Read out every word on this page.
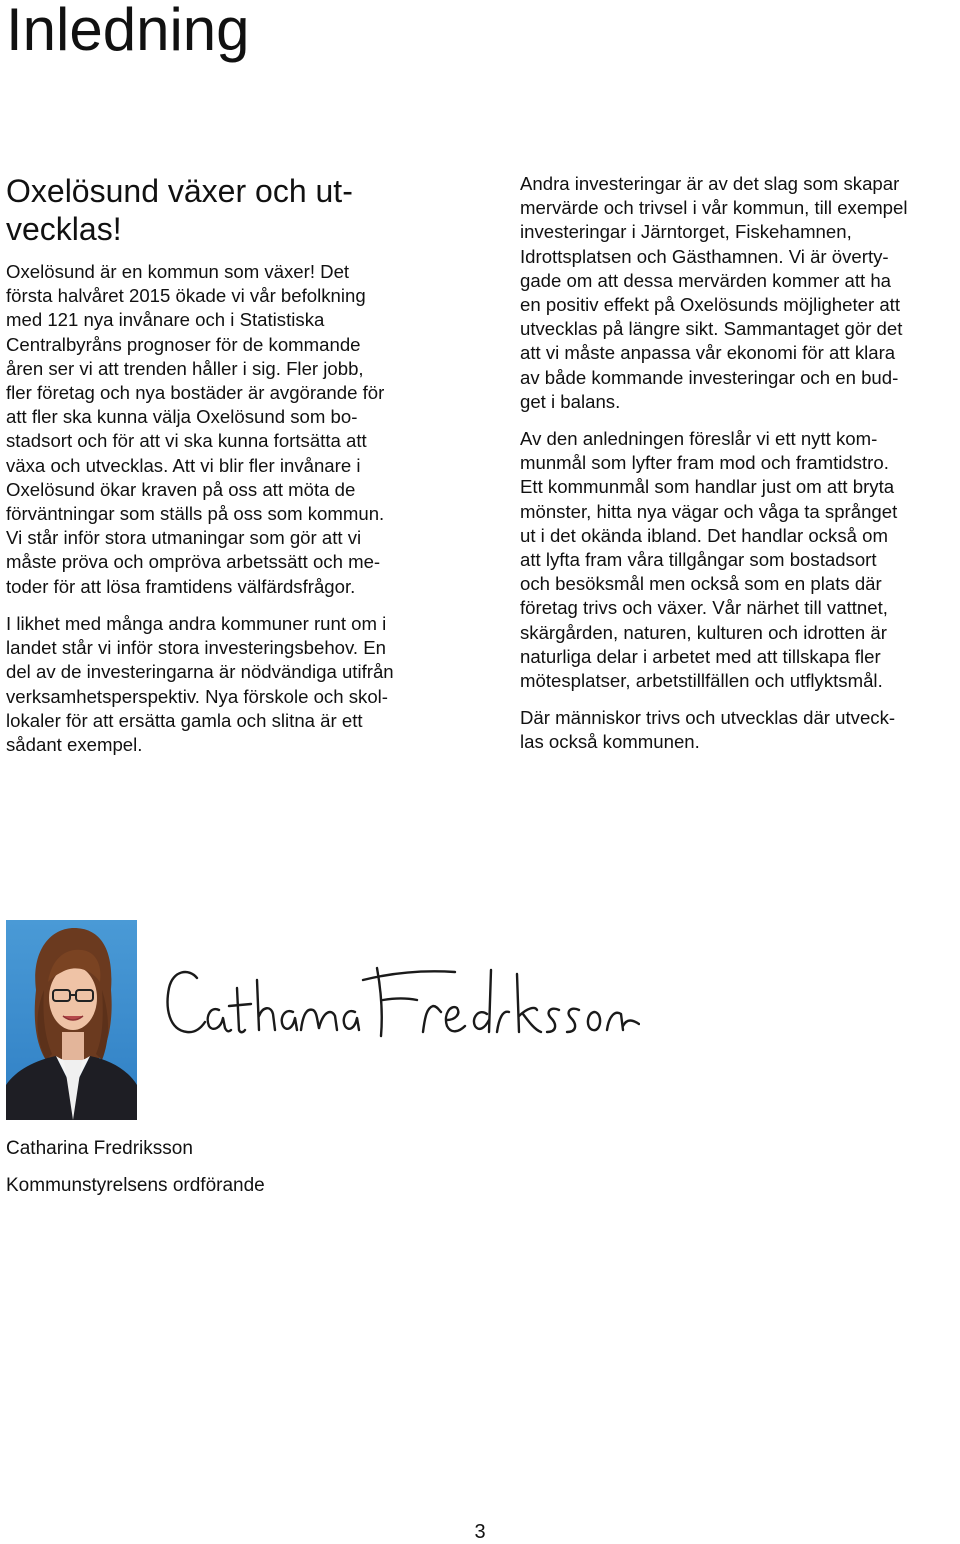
Inledning
Oxelösund växer och ut-
vecklas!

Oxelösund är en kommun som växer! Det
första halvåret 2015 ökade vi vår befolkning
med 121 nya invånare och i Statistiska
Centralbyråns prognoser för de kommande
åren ser vi att trenden håller i sig. Fler jobb,
fler företag och nya bostäder är avgörande för
att fler ska kunna välja Oxelösund som bo-
stadsort och för att vi ska kunna fortsätta att
växa och utvecklas. Att vi blir fler invånare i
Oxelösund ökar kraven på oss att möta de
förväntningar som ställs på oss som kommun.
Vi står inför stora utmaningar som gör att vi
måste pröva och ompröva arbetssätt och me-
toder för att lösa framtidens välfärdsfrågor.

I likhet med många andra kommuner runt om i
landet står vi inför stora investeringsbehov. En
del av de investeringarna är nödvändiga utifrån
verksamhetsperspektiv. Nya förskole och skol-
lokaler för att ersätta gamla och slitna är ett
sådant exempel.

Andra investeringar är av det slag som skapar
mervärde och trivsel i vår kommun, till exempel
investeringar i Järntorget, Fiskehamnen,
Idrottsplatsen och Gästhamnen. Vi är överty-
gade om att dessa mervärden kommer att ha
en positiv effekt på Oxelösunds möjligheter att
utvecklas på längre sikt. Sammantaget gör det
att vi måste anpassa vår ekonomi för att klara
av både kommande investeringar och en bud-
get i balans.

Av den anledningen föreslår vi ett nytt kom-
munmål som lyfter fram mod och framtidstro.
Ett kommunmål som handlar just om att bryta
mönster, hitta nya vägar och våga ta språnget
ut i det okända ibland. Det handlar också om
att lyfta fram våra tillgångar som bostadsort
och besöksmål men också som en plats där
företag trivs och växer. Vår närhet till vattnet,
skärgården, naturen, kulturen och idrotten är
naturliga delar i arbetet med att tillskapa fler
mötesplatser, arbetstillfällen och utflyktsmål.

Där människor trivs och utvecklas där utveck-
las också kommunen.

Catharina Fredriksson

Kommunstyrelsens ordförande

3
